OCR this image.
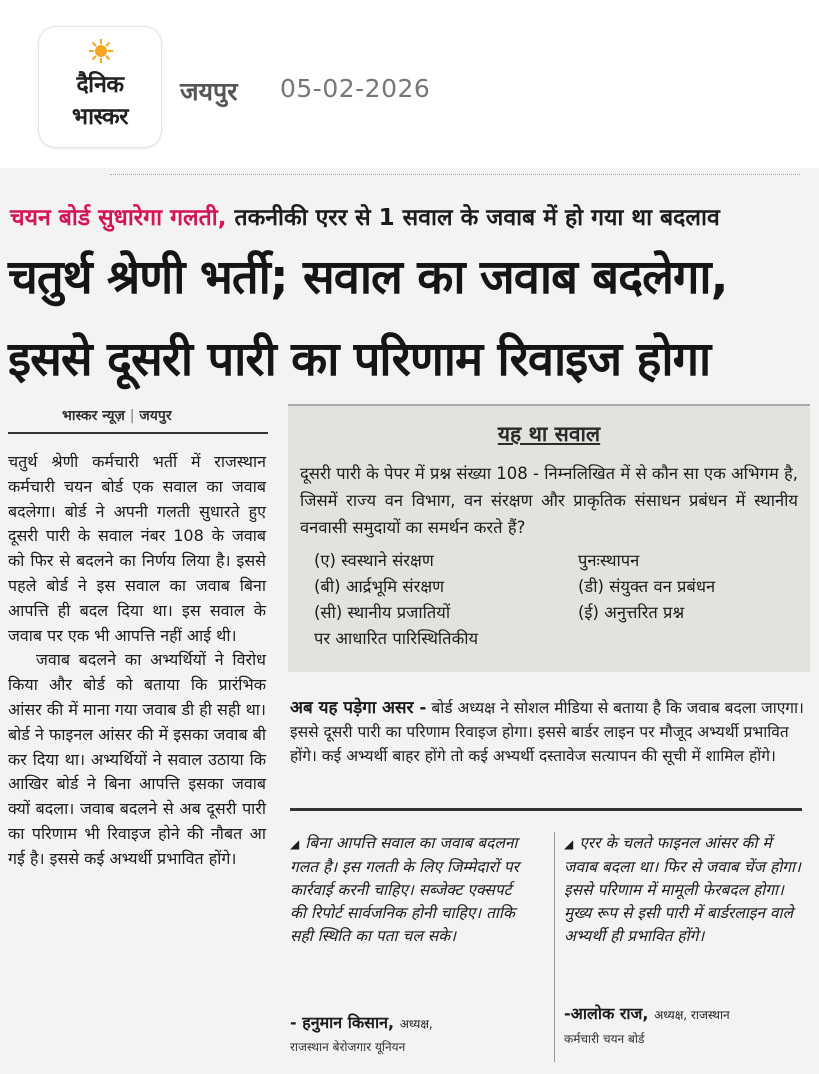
दैनिक
भास्कर
जयपुर 05-02-2026
चयन बोर्ड सुधारेगा गलती, तकनीकी एरर से 1 सवाल के जवाब में हो गया था बदलाव
चतुर्थ श्रेणी भर्ती; सवाल का जवाब बदलेगा,
इससे दूसरी पारी का परिणाम रिवाइज होगा
भास्कर न्यूज़ | जयपुर

चतुर्थ श्रेणी कर्मचारी भर्ती में राजस्थान कर्मचारी चयन बोर्ड एक सवाल का जवाब बदलेगा। बोर्ड ने अपनी गलती सुधारते हुए दूसरी पारी के सवाल नंबर 108 के जवाब को फिर से बदलने का निर्णय लिया है। इससे पहले बोर्ड ने इस सवाल का जवाब बिना आपत्ति ही बदल दिया था। इस सवाल के जवाब पर एक भी आपत्ति नहीं आई थी।

जवाब बदलने का अभ्यर्थियों ने विरोध किया और बोर्ड को बताया कि प्रारंभिक आंसर की में माना गया जवाब डी ही सही था। बोर्ड ने फाइनल आंसर की में इसका जवाब बी कर दिया था। अभ्यर्थियों ने सवाल उठाया कि आखिर बोर्ड ने बिना आपत्ति इसका जवाब क्यों बदला। जवाब बदलने से अब दूसरी पारी का परिणाम भी रिवाइज होने की नौबत आ गई है। इससे कई अभ्यर्थी प्रभावित होंगे।

यह था सवाल
दूसरी पारी के पेपर में प्रश्न संख्या 108 - निम्नलिखित में से कौन सा एक अभिगम है, जिसमें राज्य वन विभाग, वन संरक्षण और प्राकृतिक संसाधन प्रबंधन में स्थानीय वनवासी समुदायों का समर्थन करते हैं?
(ए) स्वस्थाने संरक्षण
(बी) आर्द्रभूमि संरक्षण
(सी) स्थानीय प्रजातियों
पर आधारित पारिस्थितिकीय
पुनःस्थापन
(डी) संयुक्त वन प्रबंधन
(ई) अनुत्तरित प्रश्न
अब यह पड़ेगा असर - बोर्ड अध्यक्ष ने सोशल मीडिया से बताया है कि जवाब बदला जाएगा। इससे दूसरी पारी का परिणाम रिवाइज होगा। इससे बार्डर लाइन पर मौजूद अभ्यर्थी प्रभावित होंगे। कई अभ्यर्थी बाहर होंगे तो कई अभ्यर्थी दस्तावेज सत्यापन की सूची में शामिल होंगे।
◢ बिना आपत्ति सवाल का जवाब बदलना गलत है। इस गलती के लिए जिम्मेदारों पर कार्रवाई करनी चाहिए। सब्जेक्ट एक्सपर्ट की रिपोर्ट सार्वजनिक होनी चाहिए। ताकि सही स्थिति का पता चल सके।
- हनुमान किसान, अध्यक्ष,
राजस्थान बेरोजगार यूनियन
◢ एरर के चलते फाइनल आंसर की में जवाब बदला था। फिर से जवाब चेंज होगा। इससे परिणाम में मामूली फेरबदल होगा। मुख्य रूप से इसी पारी में बार्डरलाइन वाले अभ्यर्थी ही प्रभावित होंगे।
-आलोक राज, अध्यक्ष, राजस्थान
कर्मचारी चयन बोर्ड
